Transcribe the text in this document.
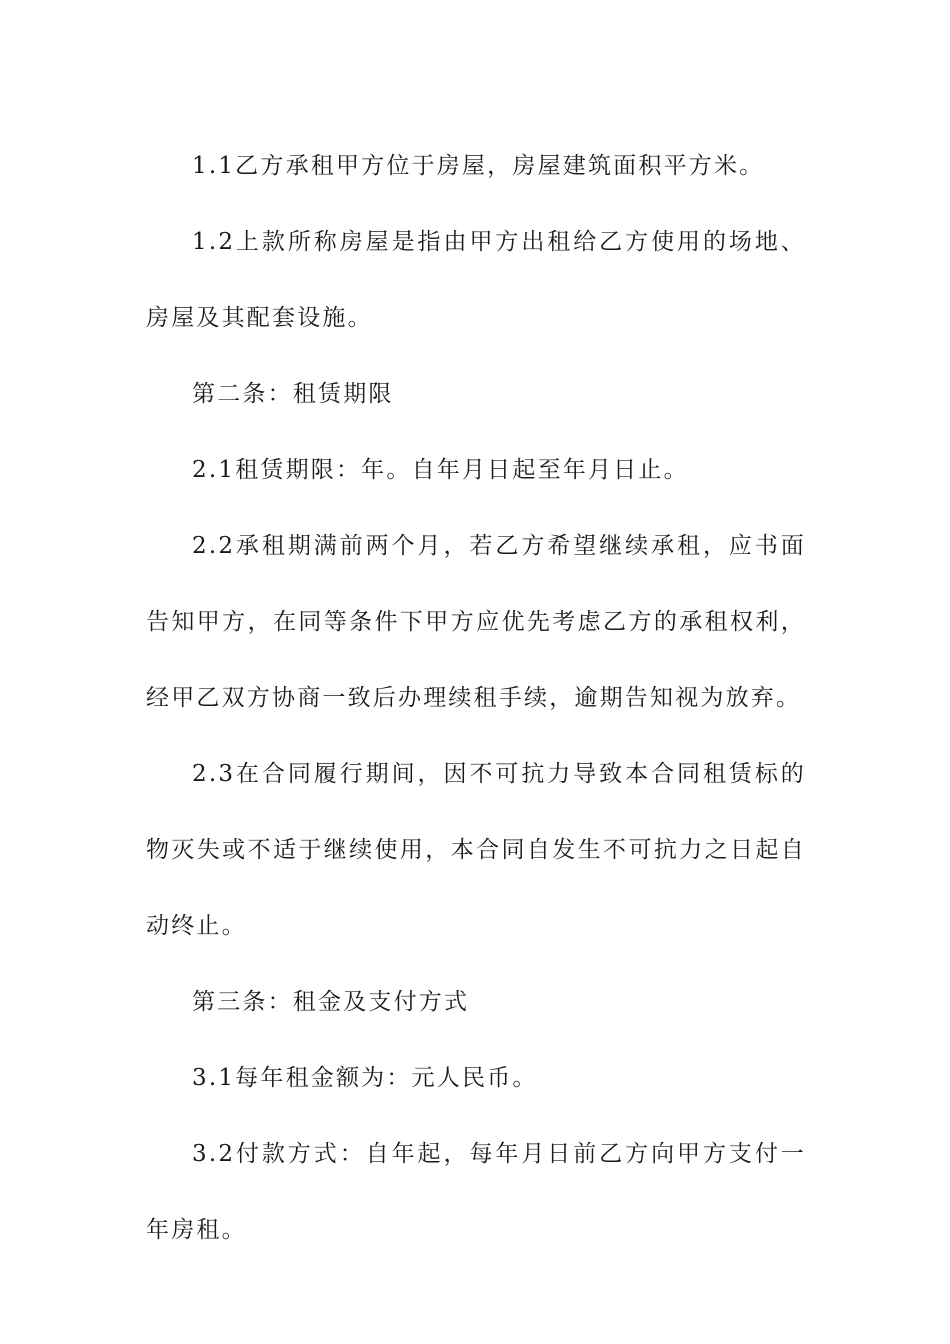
1.1乙方承租甲方位于房屋，房屋建筑面积平方米。

1.2上款所称房屋是指由甲方出租给乙方使用的场地、房屋及其配套设施。

第二条：租赁期限

2.1租赁期限：年。自年月日起至年月日止。

2.2承租期满前两个月，若乙方希望继续承租，应书面告知甲方，在同等条件下甲方应优先考虑乙方的承租权利，经甲乙双方协商一致后办理续租手续，逾期告知视为放弃。

2.3在合同履行期间，因不可抗力导致本合同租赁标的物灭失或不适于继续使用，本合同自发生不可抗力之日起自动终止。

第三条：租金及支付方式

3.1每年租金额为：元人民币。

3.2付款方式：自年起，每年月日前乙方向甲方支付一年房租。
